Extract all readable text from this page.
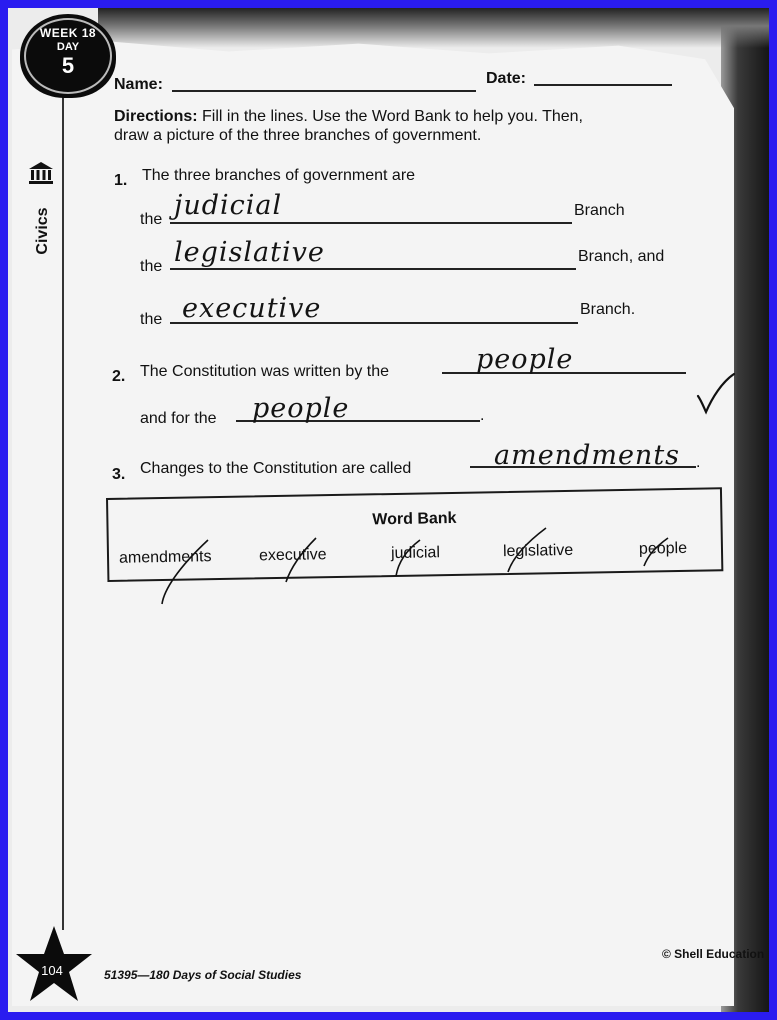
WEEK 18
DAY
5
Civics
Name:	Date:
Directions: Fill in the lines. Use the Word Bank to help you. Then,
draw a picture of the three branches of government.
1. The three branches of government are
the judicial	Branch
the legislative	Branch, and
the executive	Branch.
2. The Constitution was written by the	people
and for the people	.
3. Changes to the Constitution are called	amendments .
Word Bank
amendments	executive	judicial	legislative	people
104	51395—180 Days of Social Studies
© Shell Education
